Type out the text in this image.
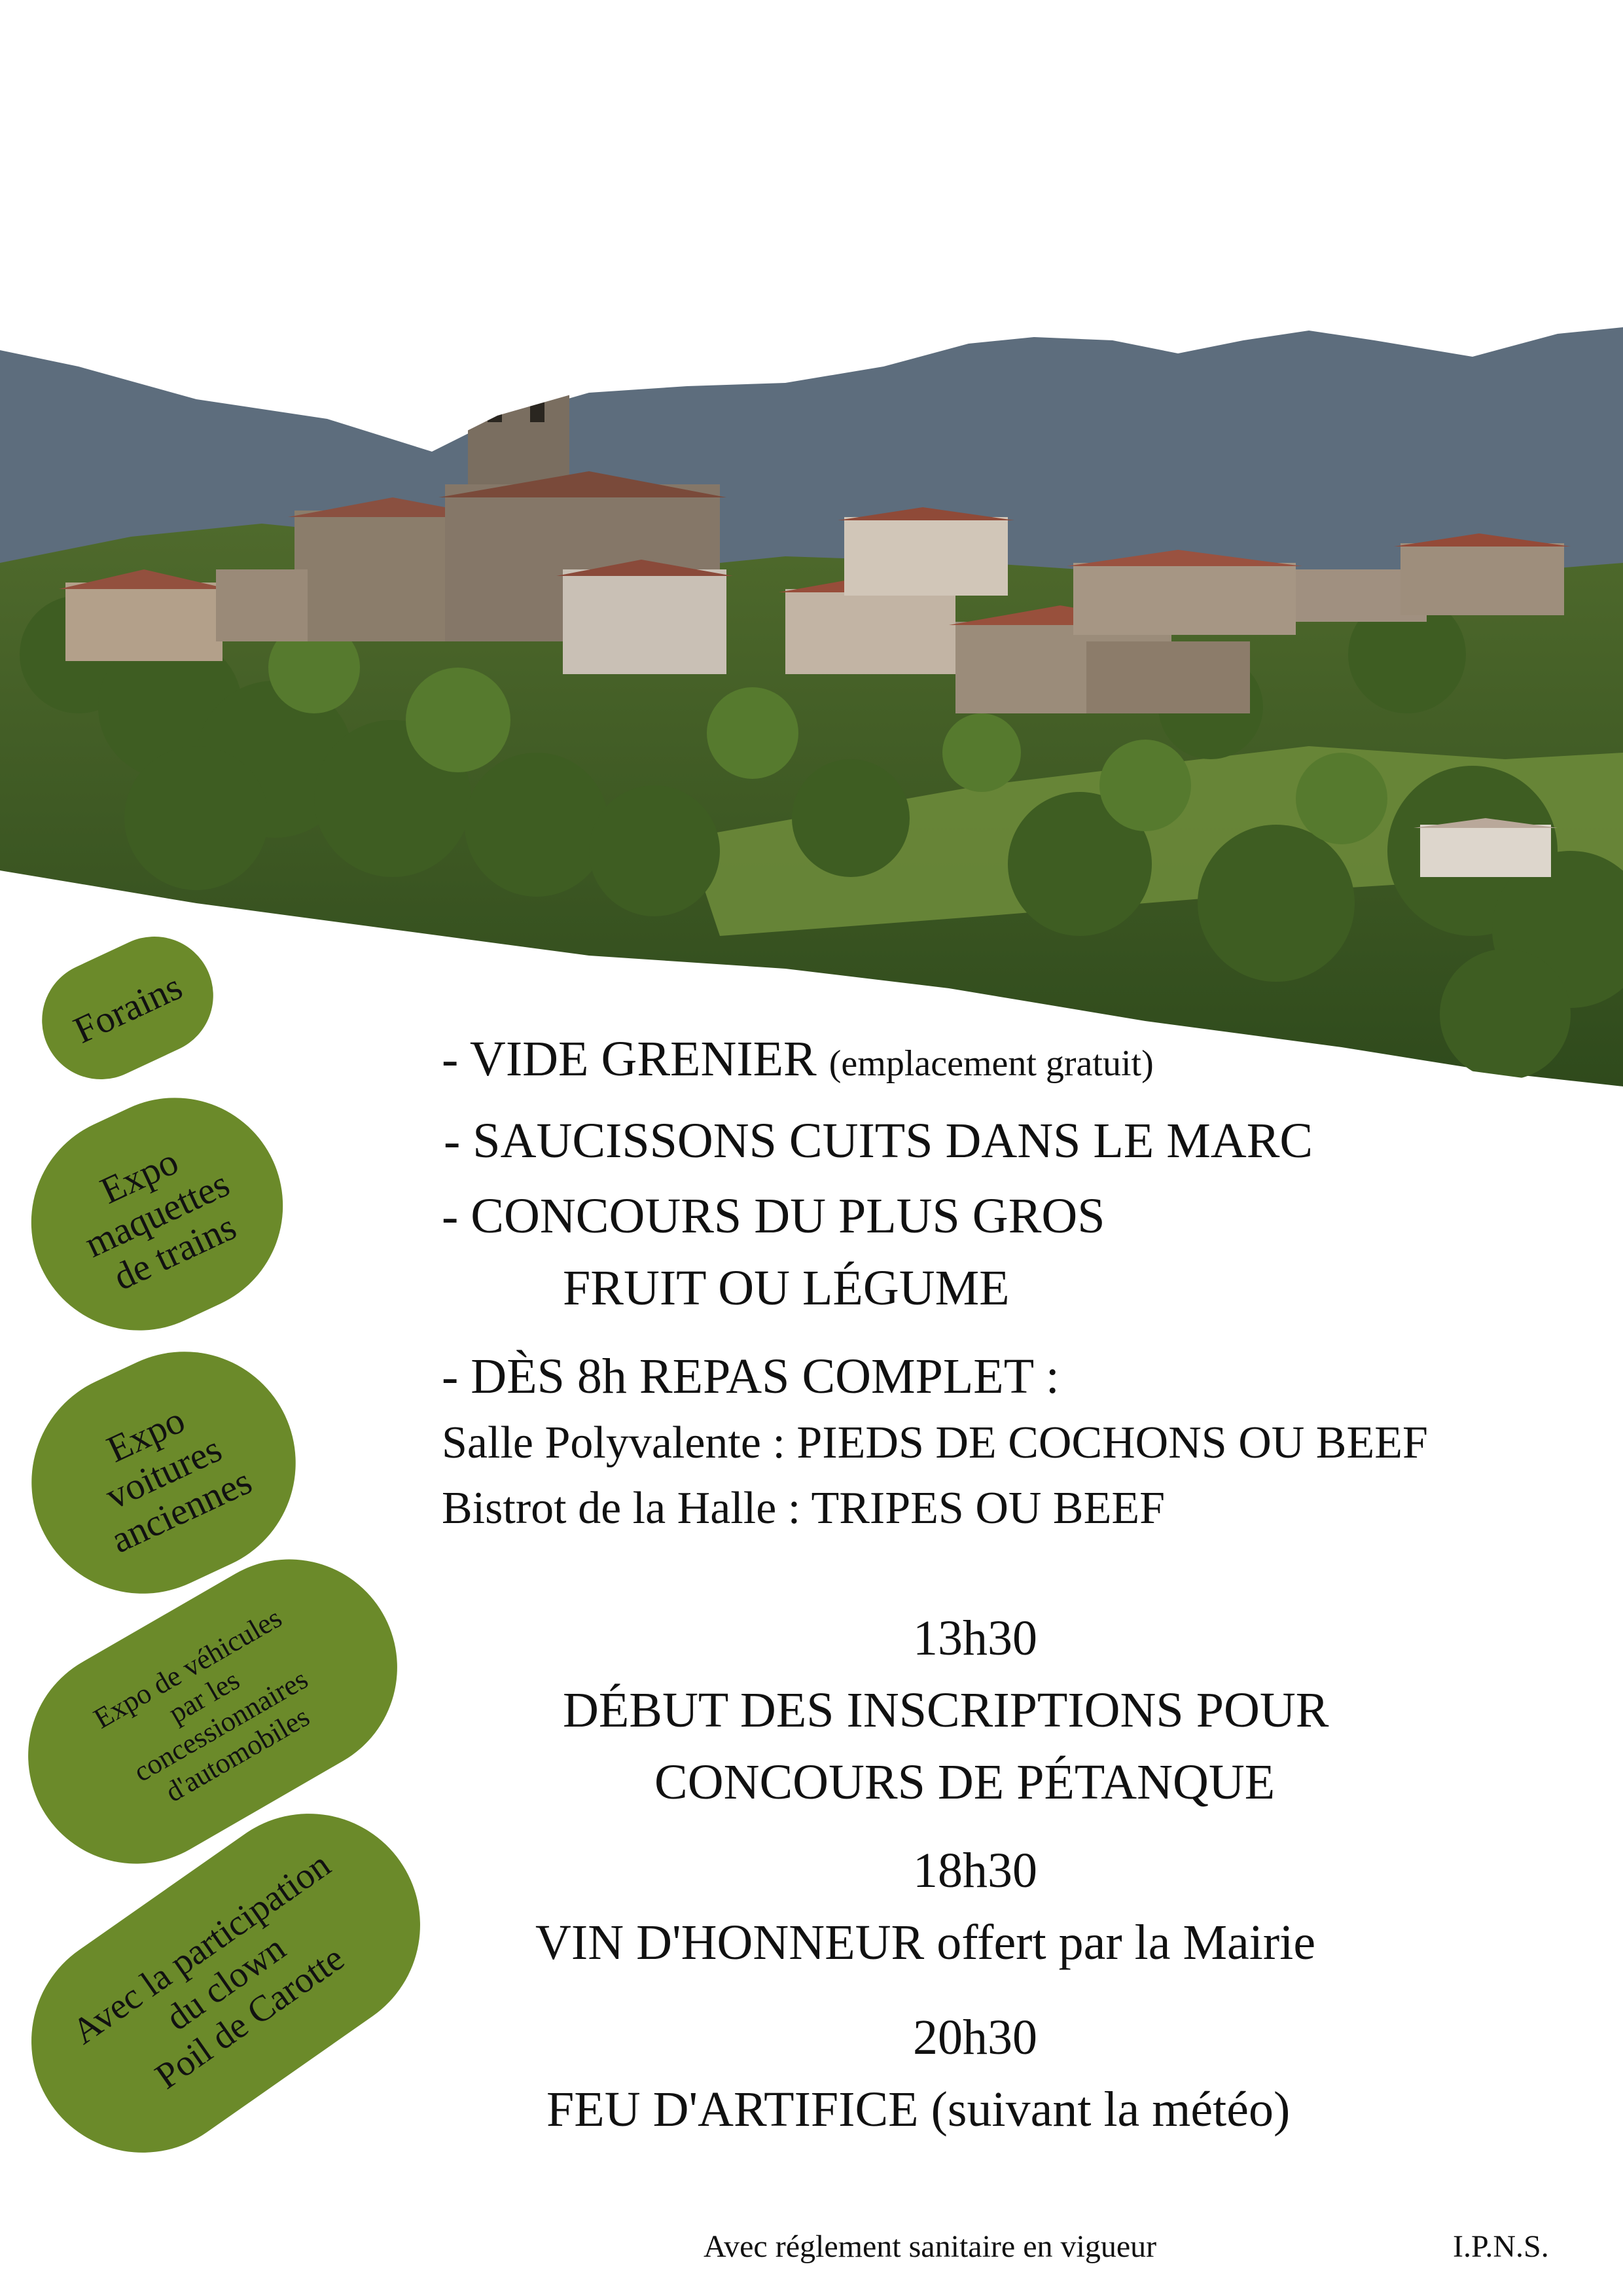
Forains
Expo
maquettes
de trains
Expo
voitures
anciennes
Expo de véhicules
par les
concessionnaires
d'automobiles
Avec la participation
du clown
Poil de Carotte
- VIDE GRENIER (emplacement gratuit)
- SAUCISSONS CUITS DANS LE MARC
- CONCOURS DU PLUS GROS
FRUIT OU LÉGUME
- DÈS 8h REPAS COMPLET :
Salle Polyvalente : PIEDS DE COCHONS OU BEEF
Bistrot de la Halle : TRIPES OU BEEF
13h30
DÉBUT DES INSCRIPTIONS POUR
CONCOURS DE PÉTANQUE
18h30
VIN D'HONNEUR offert par la Mairie
20h30
FEU D'ARTIFICE (suivant la météo)
Avec réglement sanitaire en vigueur	I.P.N.S.
